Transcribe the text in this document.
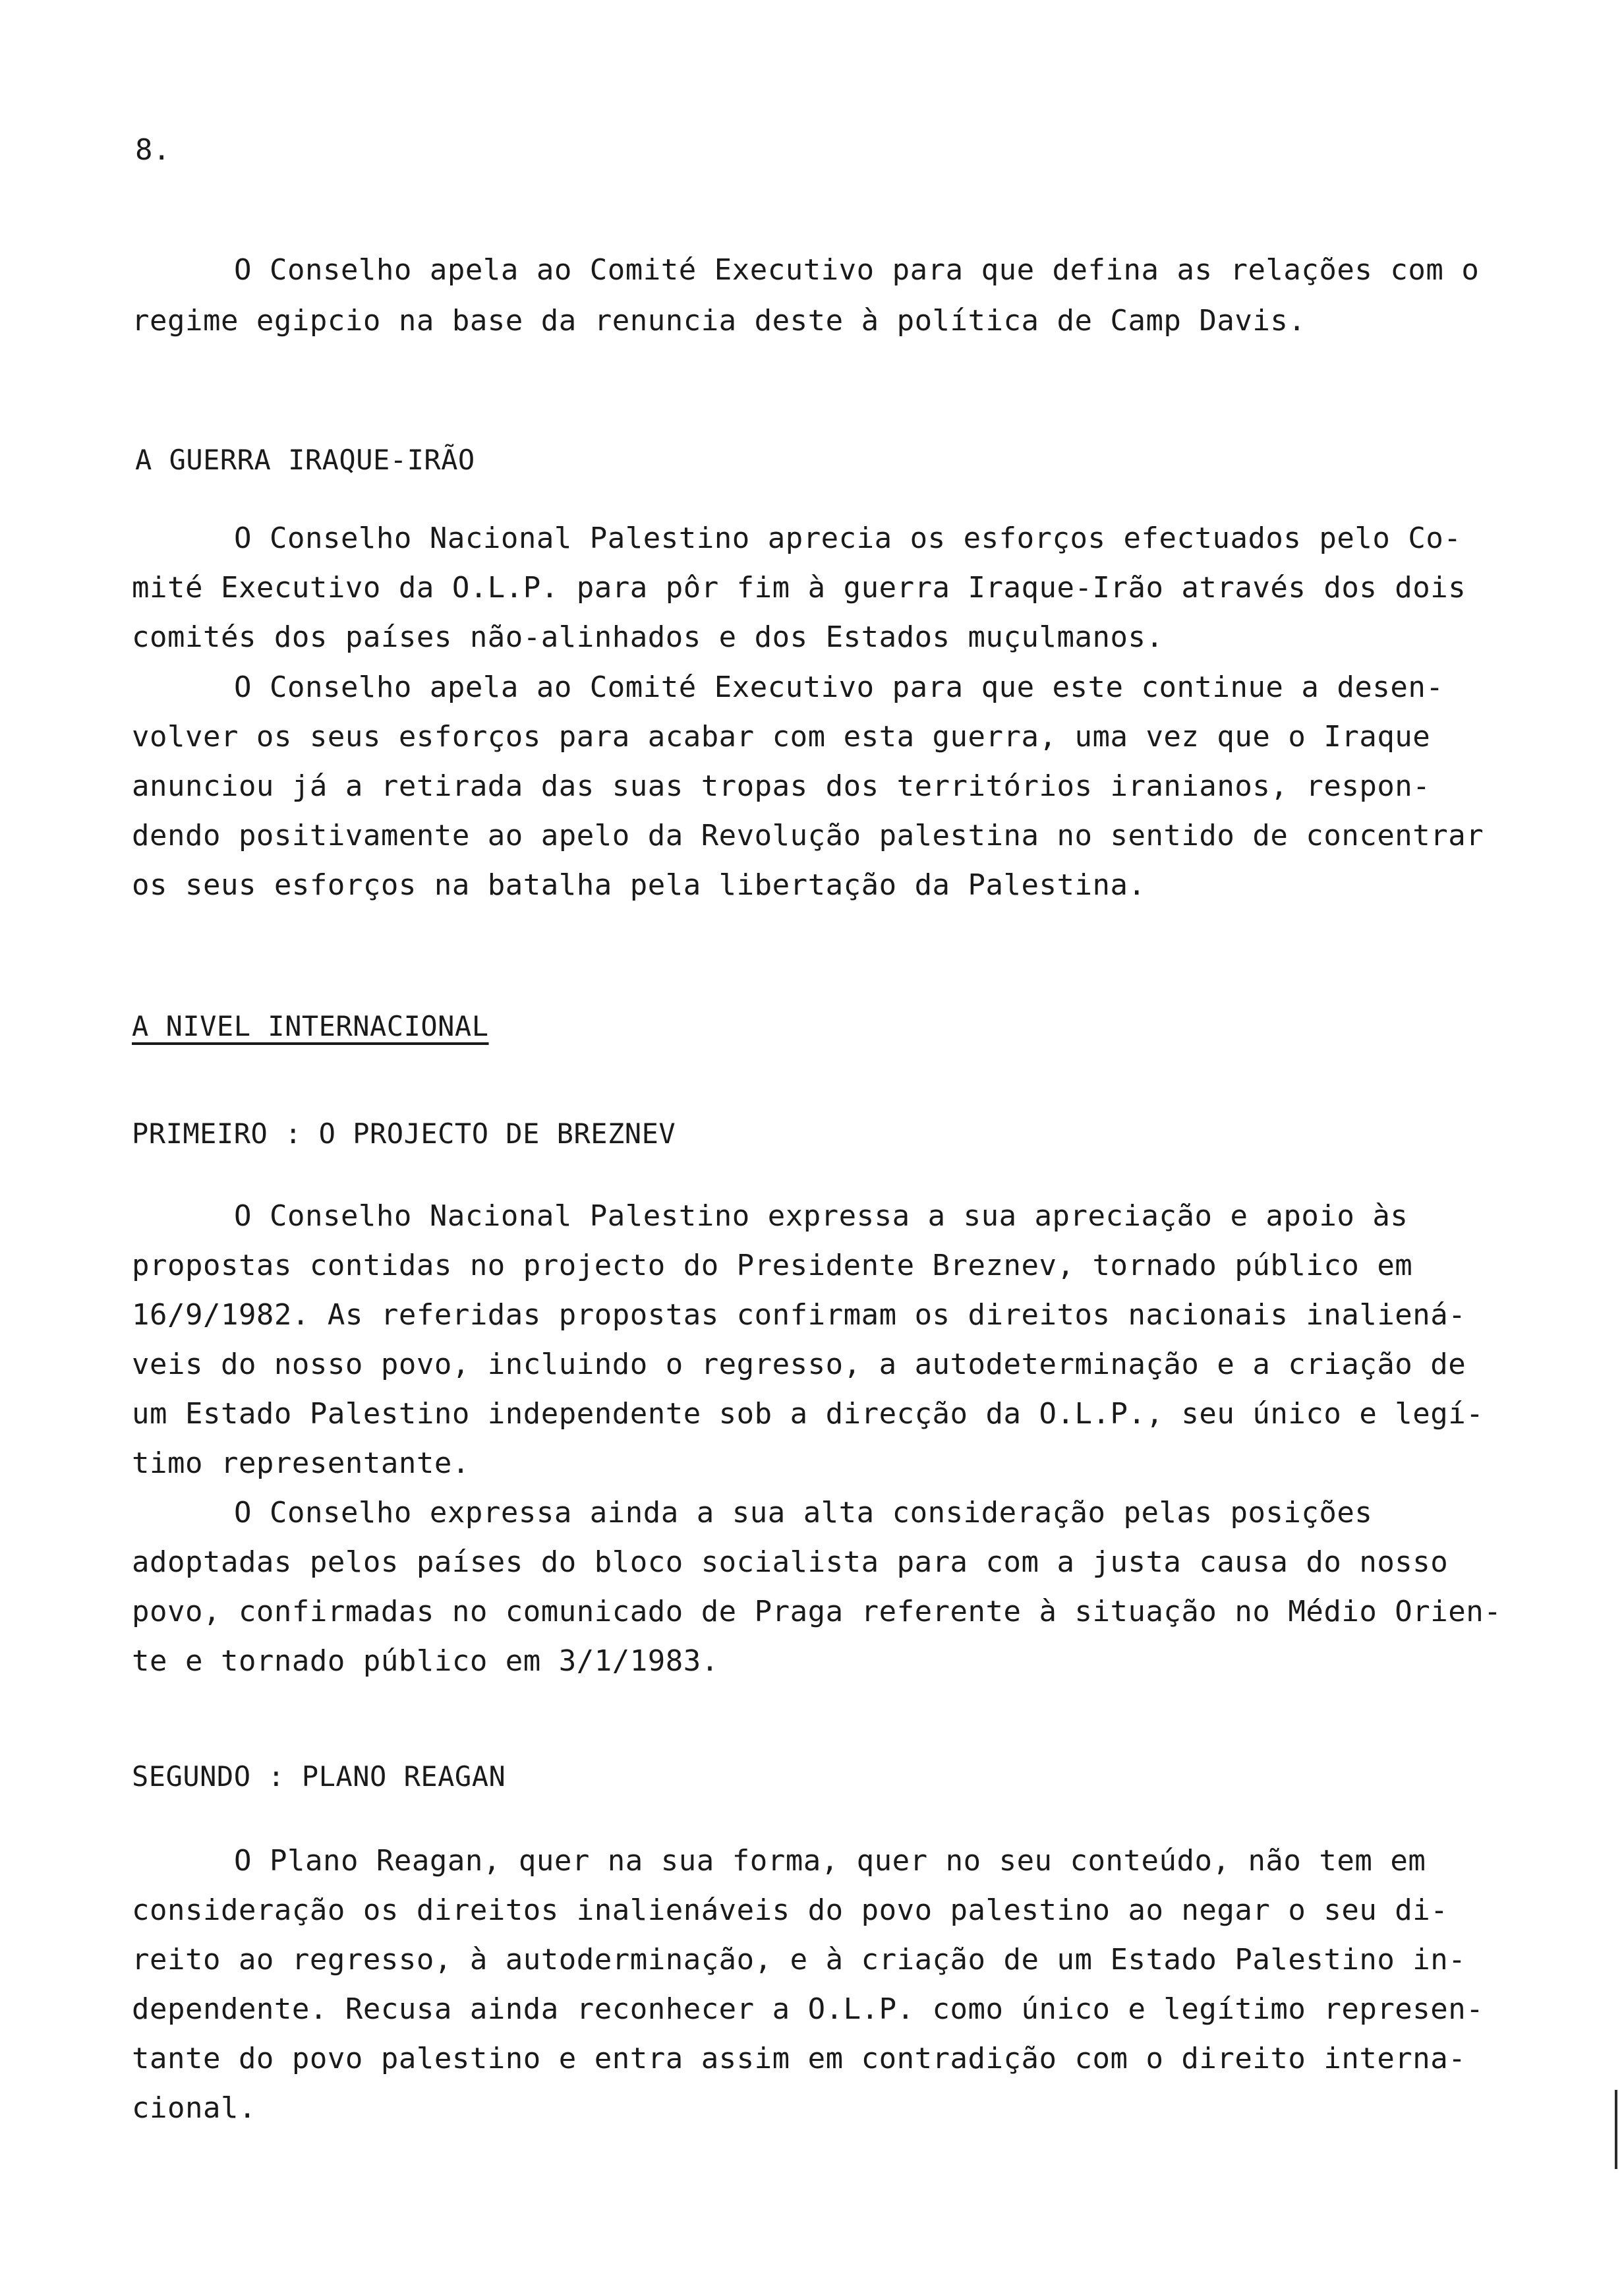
8.
O Conselho apela ao Comité Executivo para que defina as relações com o
regime egipcio na base da renuncia deste à política de Camp Davis.
A GUERRA IRAQUE-IRÃO
O Conselho Nacional Palestino aprecia os esforços efectuados pelo Co-
mité Executivo da O.L.P. para pôr fim à guerra Iraque-Irão através dos dois
comités dos países não-alinhados e dos Estados muçulmanos.
O Conselho apela ao Comité Executivo para que este continue a desen-
volver os seus esforços para acabar com esta guerra, uma vez que o Iraque
anunciou já a retirada das suas tropas dos territórios iranianos, respon-
dendo positivamente ao apelo da Revolução palestina no sentido de concentrar
os seus esforços na batalha pela libertação da Palestina.
A NIVEL INTERNACIONAL
PRIMEIRO : O PROJECTO DE BREZNEV
O Conselho Nacional Palestino expressa a sua apreciação e apoio às
propostas contidas no projecto do Presidente Breznev, tornado público em
16/9/1982. As referidas propostas confirmam os direitos nacionais inaliená-
veis do nosso povo, incluindo o regresso, a autodeterminação e a criação de
um Estado Palestino independente sob a direcção da O.L.P., seu único e legí-
timo representante.
O Conselho expressa ainda a sua alta consideração pelas posições
adoptadas pelos países do bloco socialista para com a justa causa do nosso
povo, confirmadas no comunicado de Praga referente à situação no Médio Orien-
te e tornado público em 3/1/1983.
SEGUNDO : PLANO REAGAN
O Plano Reagan, quer na sua forma, quer no seu conteúdo, não tem em
consideração os direitos inalienáveis do povo palestino ao negar o seu di-
reito ao regresso, à autoderminação, e à criação de um Estado Palestino in-
dependente. Recusa ainda reconhecer a O.L.P. como único e legítimo represen-
tante do povo palestino e entra assim em contradição com o direito interna-
cional.
